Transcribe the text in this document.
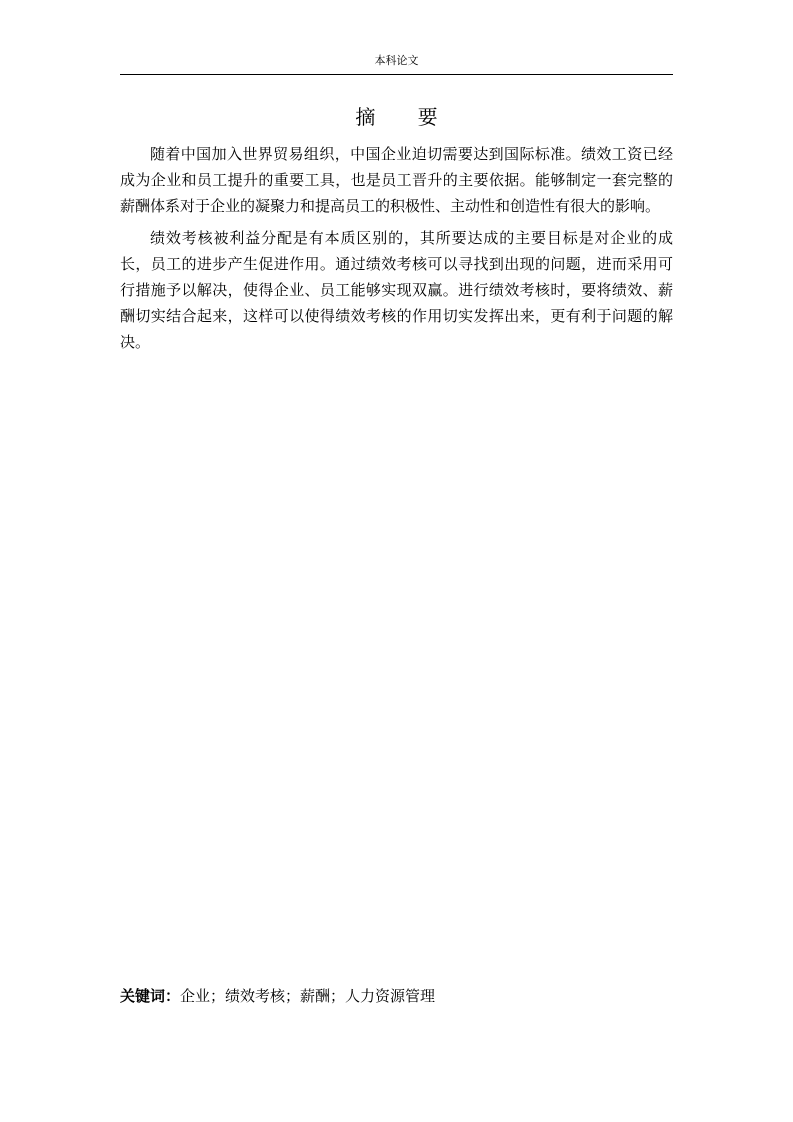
本科论文
摘 要

随着中国加入世界贸易组织，中国企业迫切需要达到国际标准。绩效工资已经成为企业和员工提升的重要工具，也是员工晋升的主要依据。能够制定一套完整的薪酬体系对于企业的凝聚力和提高员工的积极性、主动性和创造性有很大的影响。

绩效考核被利益分配是有本质区别的，其所要达成的主要目标是对企业的成长，员工的进步产生促进作用。通过绩效考核可以寻找到出现的问题，进而采用可行措施予以解决，使得企业、员工能够实现双赢。进行绩效考核时，要将绩效、薪酬切实结合起来，这样可以使得绩效考核的作用切实发挥出来，更有利于问题的解决。

关键词：企业；绩效考核；薪酬；人力资源管理
